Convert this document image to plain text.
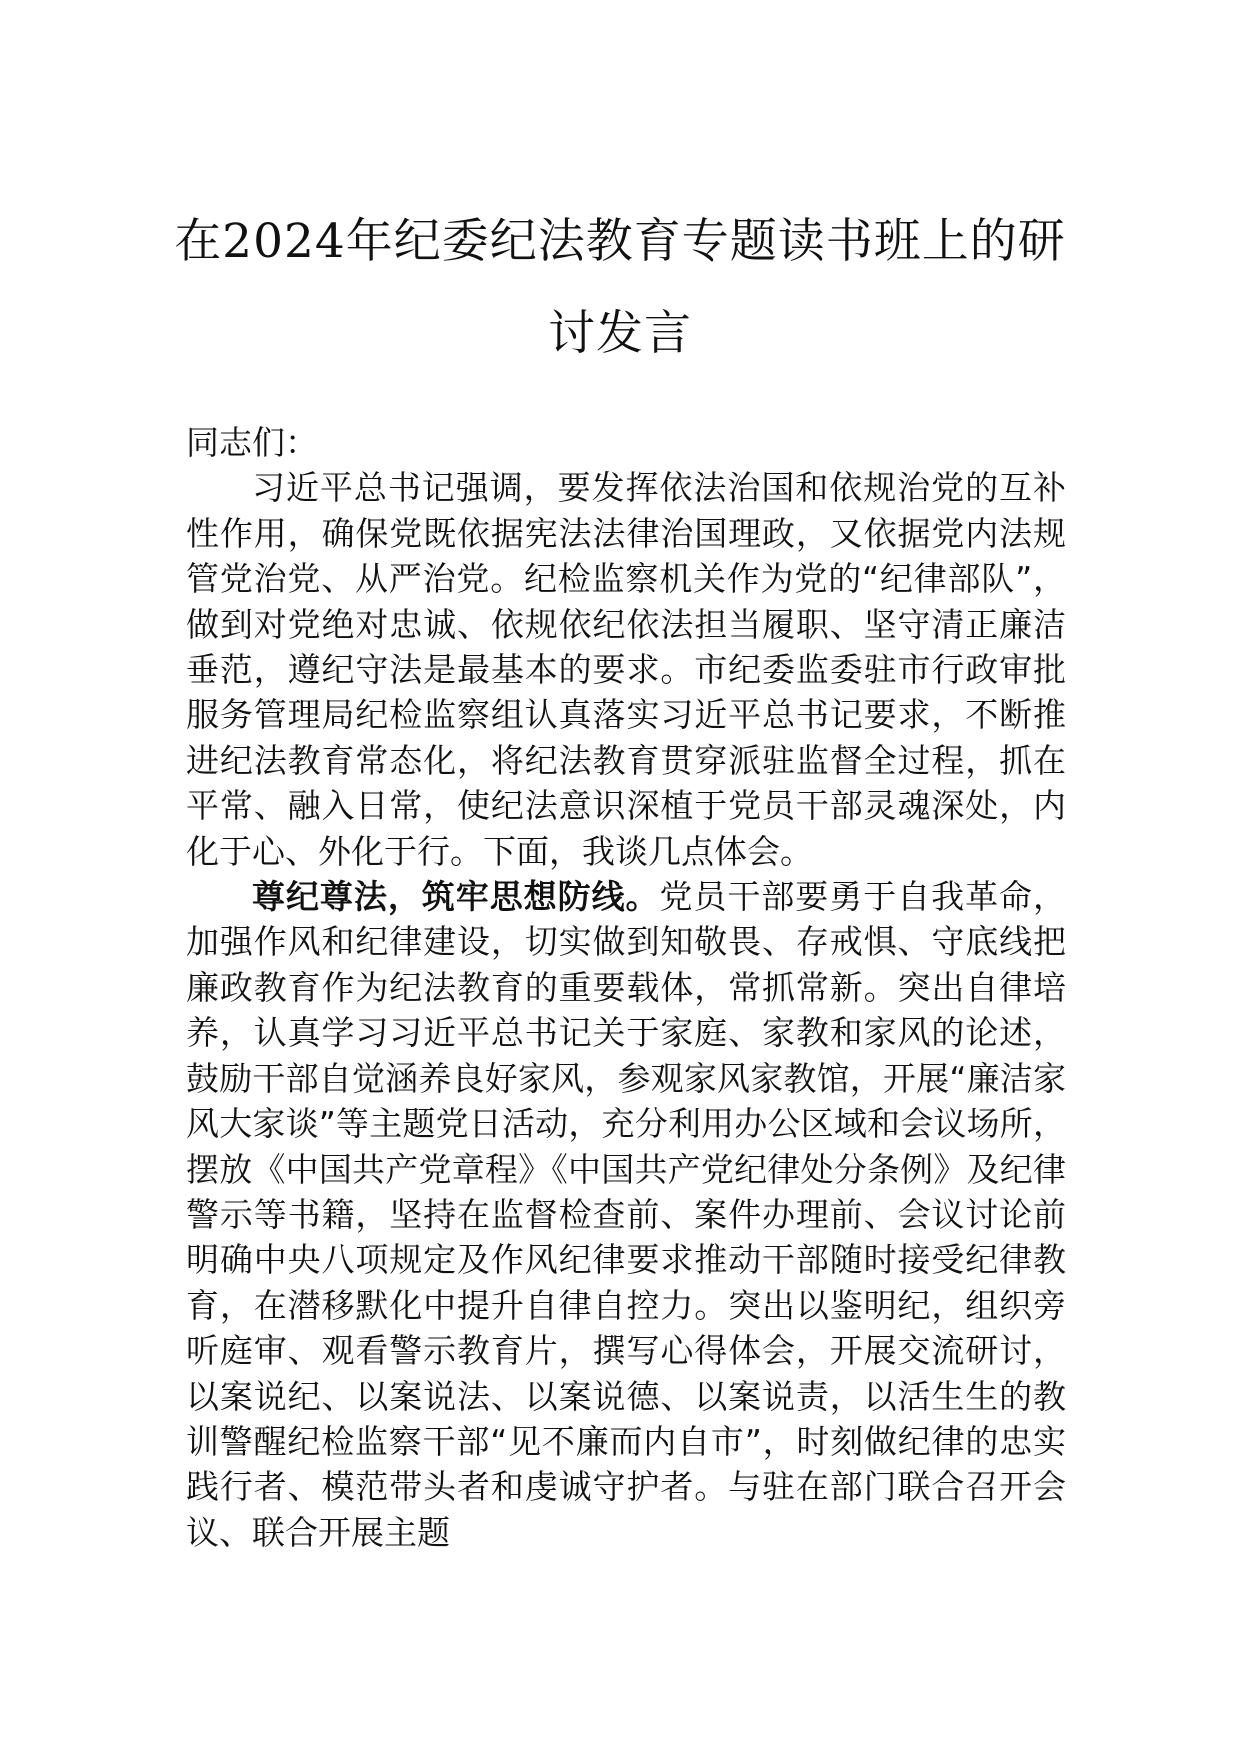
在2024年纪委纪法教育专题读书班上的研
讨发言

同志们：

习近平总书记强调，要发挥依法治国和依规治党的互补性作用，确保党既依据宪法法律治国理政，又依据党内法规管党治党、从严治党。纪检监察机关作为党的“纪律部队”，做到对党绝对忠诚、依规依纪依法担当履职、坚守清正廉洁垂范，遵纪守法是最基本的要求。市纪委监委驻市行政审批服务管理局纪检监察组认真落实习近平总书记要求，不断推进纪法教育常态化，将纪法教育贯穿派驻监督全过程，抓在平常、融入日常，使纪法意识深植于党员干部灵魂深处，内化于心、外化于行。下面，我谈几点体会。

尊纪尊法，筑牢思想防线。党员干部要勇于自我革命，加强作风和纪律建设，切实做到知敬畏、存戒惧、守底线把廉政教育作为纪法教育的重要载体，常抓常新。突出自律培养，认真学习习近平总书记关于家庭、家教和家风的论述，鼓励干部自觉涵养良好家风，参观家风家教馆，开展“廉洁家风大家谈”等主题党日活动，充分利用办公区域和会议场所，摆放《中国共产党章程》《中国共产党纪律处分条例》及纪律警示等书籍，坚持在监督检查前、案件办理前、会议讨论前明确中央八项规定及作风纪律要求推动干部随时接受纪律教育，在潜移默化中提升自律自控力。突出以鉴明纪，组织旁听庭审、观看警示教育片，撰写心得体会，开展交流研讨，以案说纪、以案说法、以案说德、以案说责，以活生生的教训警醒纪检监察干部“见不廉而内自市”，时刻做纪律的忠实践行者、模范带头者和虔诚守护者。与驻在部门联合召开会议、联合开展主题
